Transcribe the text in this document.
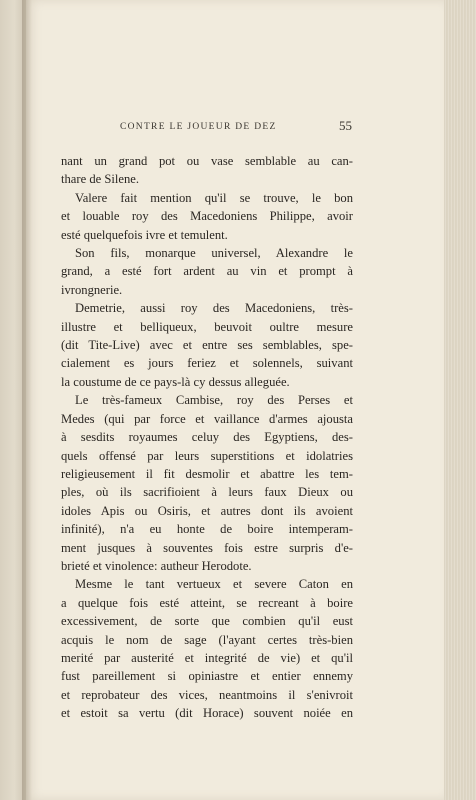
CONTRE LE JOUEUR DE DEZ	55
nant un grand pot ou vase semblable au can-
thare de Silene.
Valere fait mention qu'il se trouve, le bon
et louable roy des Macedoniens Philippe, avoir
esté quelquefois ivre et temulent.
Son fils, monarque universel, Alexandre le
grand, a esté fort ardent au vin et prompt à
ivrongnerie.
Demetrie, aussi roy des Macedoniens, très-
illustre et belliqueux, beuvoit oultre mesure
(dit Tite-Live) avec et entre ses semblables, spe-
cialement es jours feriez et solennels, suivant
la coustume de ce pays-là cy dessus alleguée.
Le très-fameux Cambise, roy des Perses et
Medes (qui par force et vaillance d'armes ajousta
à sesdits royaumes celuy des Egyptiens, des-
quels offensé par leurs superstitions et idolatries
religieusement il fit desmolir et abattre les tem-
ples, où ils sacrifioient à leurs faux Dieux ou
idoles Apis ou Osiris, et autres dont ils avoient
infinité), n'a eu honte de boire intemperam-
ment jusques à souventes fois estre surpris d'e-
brieté et vinolence: autheur Herodote.
Mesme le tant vertueux et severe Caton en
a quelque fois esté atteint, se recreant à boire
excessivement, de sorte que combien qu'il eust
acquis le nom de sage (l'ayant certes très-bien
merité par austerité et integrité de vie) et qu'il
fust pareillement si opiniastre et entier ennemy
et reprobateur des vices, neantmoins il s'enivroit
et estoit sa vertu (dit Horace) souvent noiée en
